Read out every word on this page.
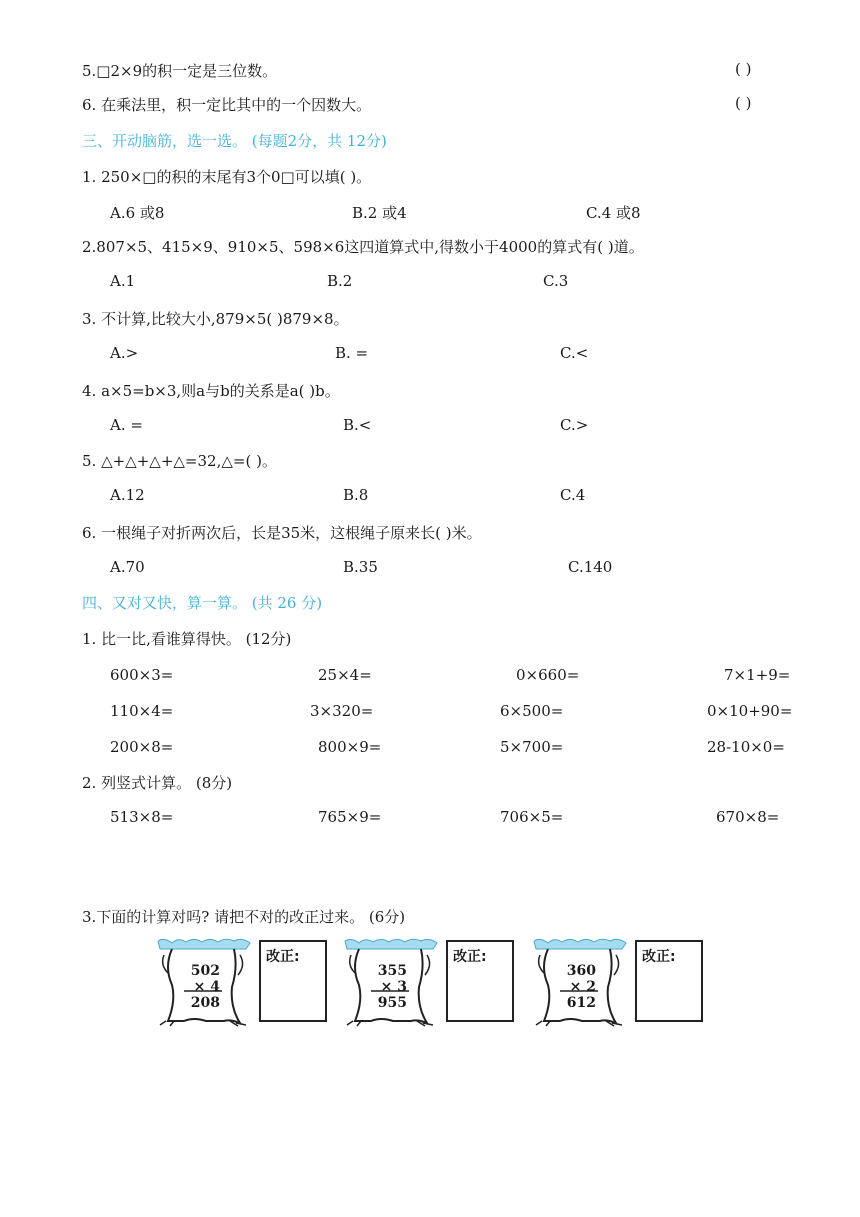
5.□2×9的积一定是三位数。	( )
6. 在乘法里，积一定比其中的一个因数大。	( )
三、开动脑筋，选一选。 (每题2分，共 12分)
1. 250×□的积的末尾有3个0□可以填( )。
A.6 或8	B.2 或4	C.4 或8
2.807×5、415×9、910×5、598×6这四道算式中,得数小于4000的算式有( )道。
A.1	B.2	C.3
3. 不计算,比较大小,879×5( )879×8。
A.>	B. =	C.<
4. a×5=b×3,则a与b的关系是a( )b。
A. =	B.<	C.>
5. △+△+△+△=32,△=( )。
A.12	B.8	C.4
6. 一根绳子对折两次后，长是35米，这根绳子原来长( )米。
A.70	B.35	C.140
四、又对又快，算一算。 (共 26 分)
1. 比一比,看谁算得快。 (12分)
600×3=	25×4=	0×660=	7×1+9=
110×4=	3×320=	6×500=	0×10+90=
200×8=	800×9=	5×700=	28-10×0=
2. 列竖式计算。 (8分)
513×8=	765×9=	706×5=	670×8=
3.下面的计算对吗? 请把不对的改正过来。 (6分)
502
× 4
208
改正:
355
× 3
955
改正:
360
× 2
612
改正:
